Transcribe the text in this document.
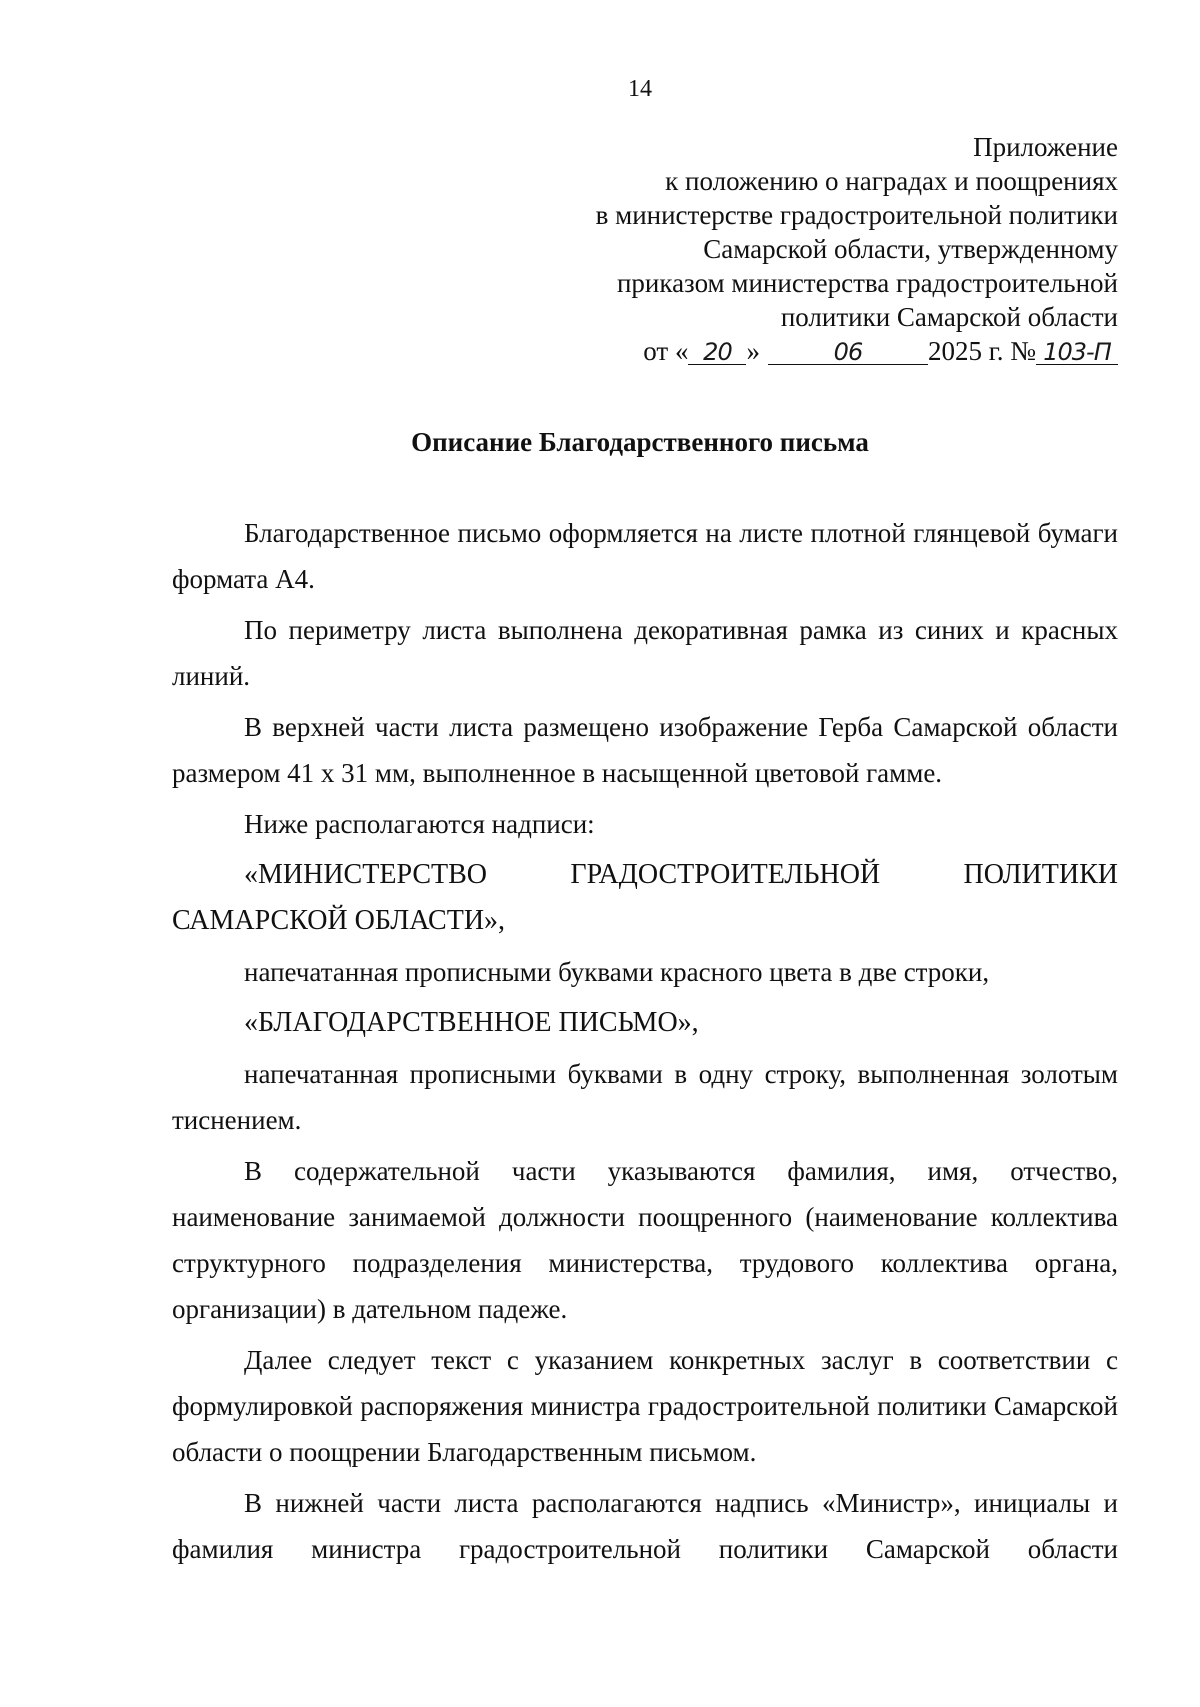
14
Приложение
к положению о наградах и поощрениях
в министерстве градостроительной политики
Самарской области, утвержденному
приказом министерства градостроительной
политики Самарской области
от « 20 »	06 2025 г. № 103-П
Описание Благодарственного письма

Благодарственное письмо оформляется на листе плотной глянцевой бумаги формата А4.

По периметру листа выполнена декоративная рамка из синих и красных линий.

В верхней части листа размещено изображение Герба Самарской области размером 41 x 31 мм, выполненное в насыщенной цветовой гамме.

Ниже располагаются надписи:

«МИНИСТЕРСТВО	ГРАДОСТРОИТЕЛЬНОЙ	ПОЛИТИКИ

САМАРСКОЙ ОБЛАСТИ»,

напечатанная прописными буквами красного цвета в две строки,

«БЛАГОДАРСТВЕННОЕ ПИСЬМО»,

напечатанная прописными буквами в одну строку, выполненная золотым тиснением.

В содержательной части указываются фамилия, имя, отчество, наименование занимаемой должности поощренного (наименование коллектива структурного подразделения министерства, трудового коллектива органа, организации) в дательном падеже.

Далее следует текст с указанием конкретных заслуг в соответствии с формулировкой распоряжения министра градостроительной политики Самарской области о поощрении Благодарственным письмом.

В нижней части листа располагаются надпись «Министр», инициалы и фамилия министра градостроительной политики Самарской области
